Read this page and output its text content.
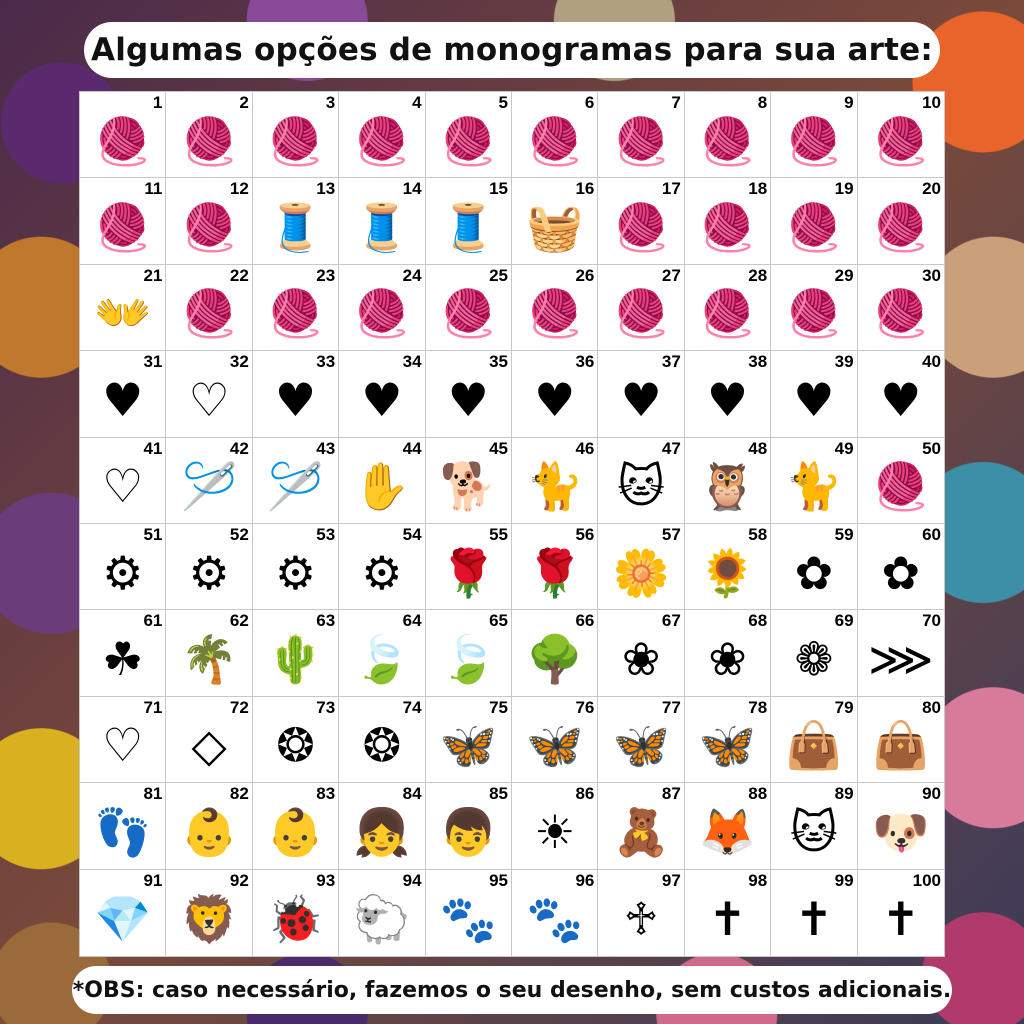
Algumas opções de monogramas para sua arte:
🧶
1
🧶
2
🧶
3
🧶
4
🧶
5
🧶
6
🧶
7
🧶
8
🧶
9
🧶
10
🧶
11
🧶
12
🧵
13
🧵
14
🧵
15
🧺
16
🧶
17
🧶
18
🧶
19
🧶
20
👐
21
🧶
22
🧶
23
🧶
24
🧶
25
🧶
26
🧶
27
🧶
28
🧶
29
🧶
30
♥
31
♡
32
♥
33
♥
34
♥
35
♥
36
♥
37
♥
38
♥
39
♥
40
♡
41
🪡
42
🪡
43
✋
44
🐕
45
🐈
46
🐱
47
🦉
48
🐈
49
🧶
50
⚙
51
⚙
52
⚙
53
⚙
54
🌹
55
🌹
56
🌼
57
🌻
58
✿
59
✿
60
☘
61
🌴
62
🌵
63
🍃
64
🍃
65
🌳
66
❀
67
❀
68
❁
69
⋙
70
♡
71
◇
72
❂
73
❂
74
🦋
75
🦋
76
🦋
77
🦋
78
👜
79
👜
80
👣
81
👶
82
👶
83
👧
84
👦
85
☀
86
🧸
87
🦊
88
🐱
89
🐶
90
💎
91
🦁
92
🐞
93
🐑
94
🐾
95
🐾
96
♱
97
✝
98
✝
99
✝
100
*OBS: caso necessário, fazemos o seu desenho, sem custos adicionais.
